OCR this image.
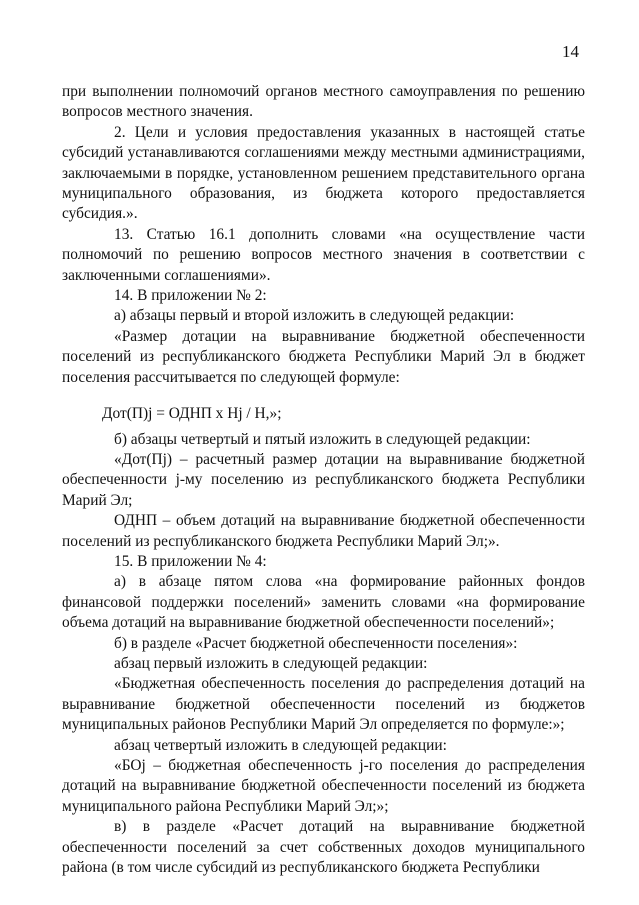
14

при выполнении полномочий органов местного самоуправления по решению вопросов местного значения.

2. Цели и условия предоставления указанных в настоящей статье субсидий устанавливаются соглашениями между местными администрациями, заключаемыми в порядке, установленном решением представительного органа муниципального образования, из бюджета которого предоставляется субсидия.».

13. Статью 16.1 дополнить словами «на осуществление части полномочий по решению вопросов местного значения в соответствии с заключенными соглашениями».

14. В приложении № 2:

а) абзацы первый и второй изложить в следующей редакции:

«Размер дотации на выравнивание бюджетной обеспеченности поселений из республиканского бюджета Республики Марий Эл в бюджет поселения рассчитывается по следующей формуле:

Дот(П)j = ОДНП х Нj / Н,»;

б) абзацы четвертый и пятый изложить в следующей редакции:

«Дот(Пj) – расчетный размер дотации на выравнивание бюджетной обеспеченности j-му поселению из республиканского бюджета Республики Марий Эл;

ОДНП – объем дотаций на выравнивание бюджетной обеспеченности поселений из республиканского бюджета Республики Марий Эл;».

15. В приложении № 4:

а) в абзаце пятом слова «на формирование районных фондов финансовой поддержки поселений» заменить словами «на формирование объема дотаций на выравнивание бюджетной обеспеченности поселений»;

б) в разделе «Расчет бюджетной обеспеченности поселения»:

абзац первый изложить в следующей редакции:

«Бюджетная обеспеченность поселения до распределения дотаций на выравнивание бюджетной обеспеченности поселений из бюджетов муниципальных районов Республики Марий Эл определяется по формуле:»;

абзац четвертый изложить в следующей редакции:

«БОj – бюджетная обеспеченность j-го поселения до распределения дотаций на выравнивание бюджетной обеспеченности поселений из бюджета муниципального района Республики Марий Эл;»;

в) в разделе «Расчет дотаций на выравнивание бюджетной обеспеченности поселений за счет собственных доходов муниципального района (в том числе субсидий из республиканского бюджета Республики
